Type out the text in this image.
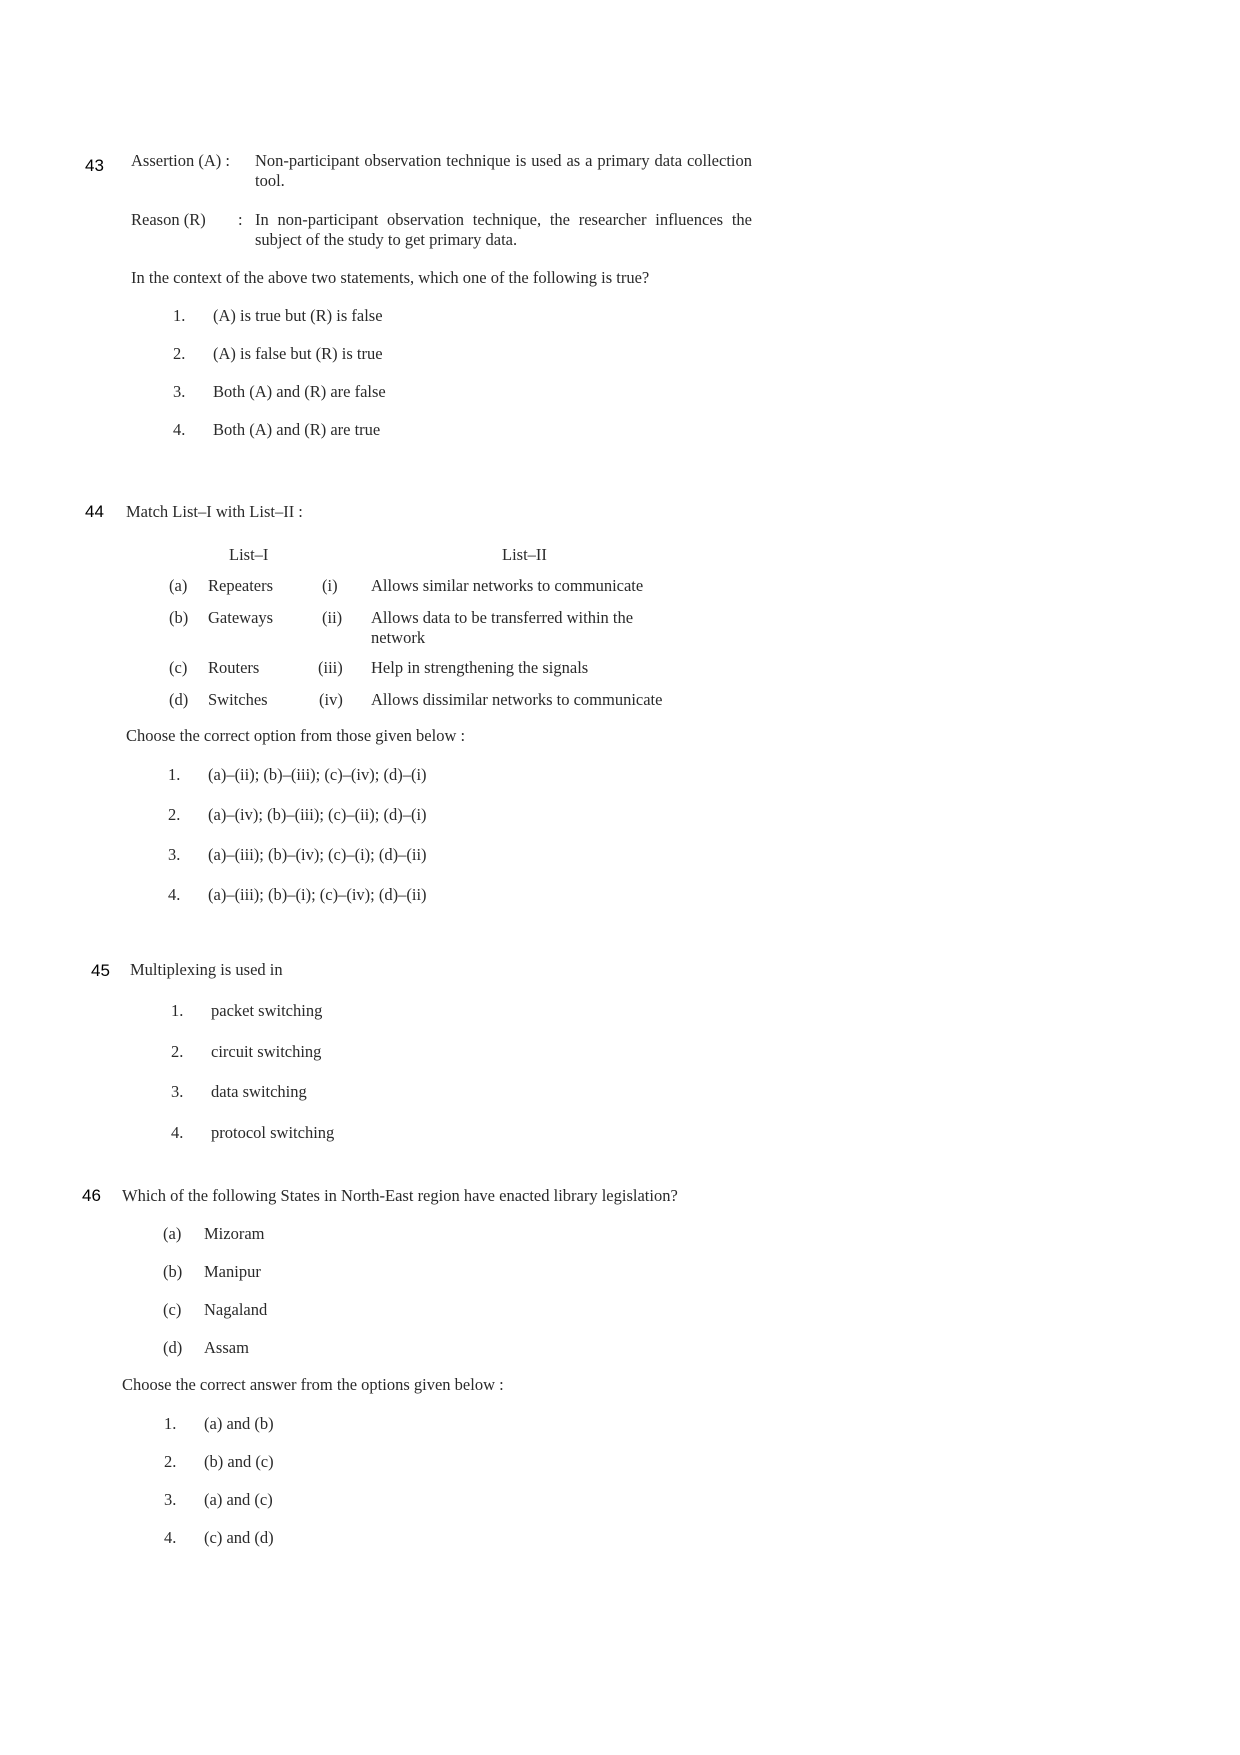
43 Assertion (A) : Non-participant observation technique is used as a primary data collection tool.
Reason (R) : In non-participant observation technique, the researcher influences the subject of the study to get primary data.
In the context of the above two statements, which one of the following is true?
1. (A) is true but (R) is false
2. (A) is false but (R) is true
3. Both (A) and (R) are false
4. Both (A) and (R) are true
44 Match List–I with List–II :
List–I	List–II
(a) Repeaters	(i) Allows similar networks to communicate
(b) Gateways	(ii) Allows data to be transferred within the network
(c) Routers	(iii) Help in strengthening the signals
(d) Switches	(iv) Allows dissimilar networks to communicate
Choose the correct option from those given below :
1. (a)–(ii); (b)–(iii); (c)–(iv); (d)–(i)
2. (a)–(iv); (b)–(iii); (c)–(ii); (d)–(i)
3. (a)–(iii); (b)–(iv); (c)–(i); (d)–(ii)
4. (a)–(iii); (b)–(i); (c)–(iv); (d)–(ii)
45 Multiplexing is used in
1. packet switching
2. circuit switching
3. data switching
4. protocol switching
46 Which of the following States in North-East region have enacted library legislation?
(a) Mizoram
(b) Manipur
(c) Nagaland
(d) Assam
Choose the correct answer from the options given below :
1. (a) and (b)
2. (b) and (c)
3. (a) and (c)
4. (c) and (d)
